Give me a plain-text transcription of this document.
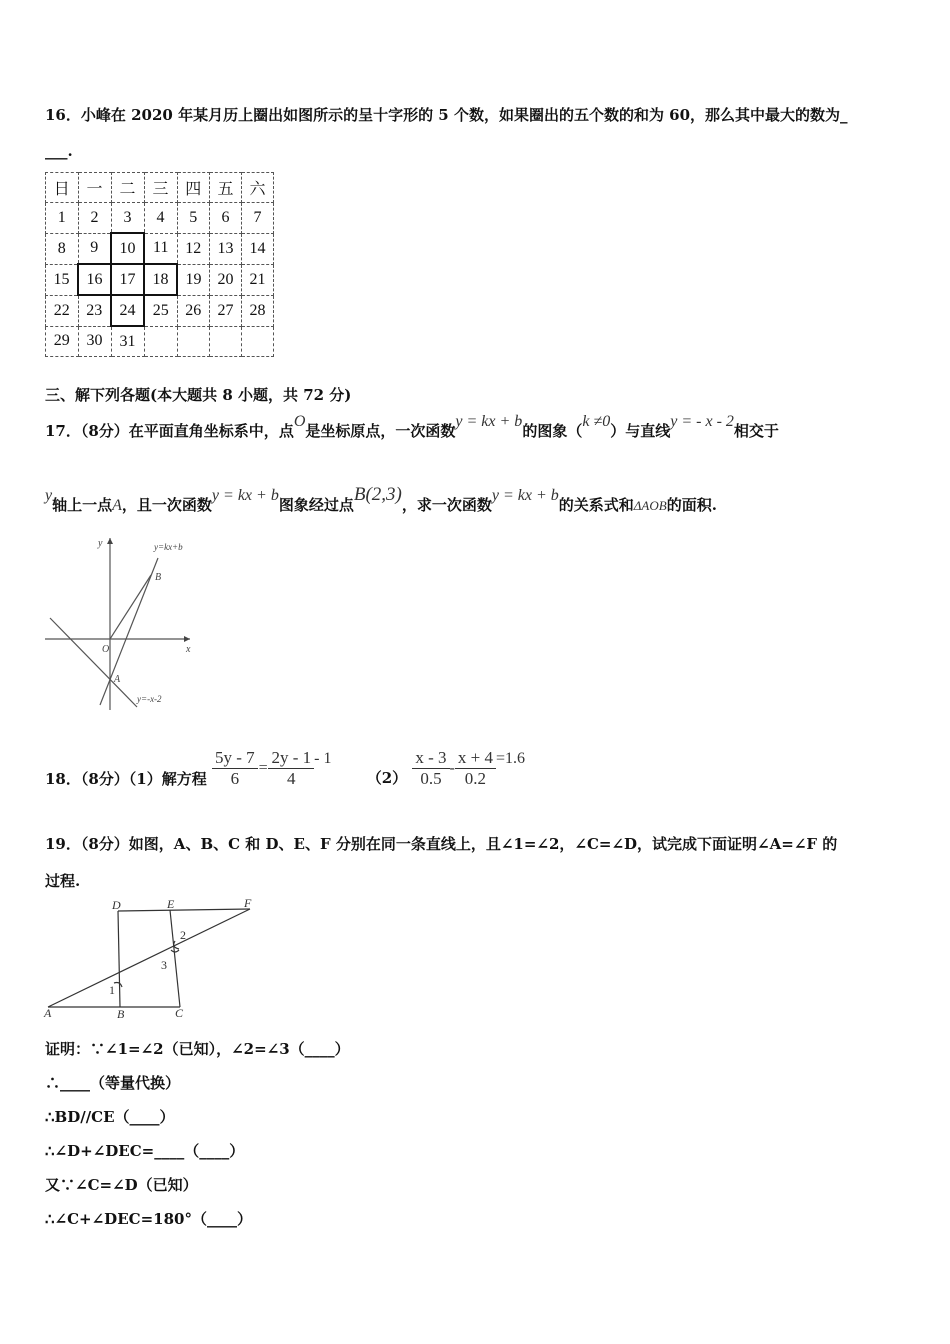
16．小峰在 2020 年某月历上圈出如图所示的呈十字形的 5 个数，如果圈出的五个数的和为 60，那么其中最大的数为_
___.
日	一	二	三	四	五	六
1	2	3	4	5	6	7
8	9	10	11	12	13	14
15	16	17	18	19	20	21
22	23	24	25	26	27	28
29	30	31				
三、解下列各题(本大题共 8 小题，共 72 分)
17．（8分）在平面直角坐标系中，点O是坐标原点，一次函数y = kx + b的图象（k ≠0）与直线y = - x - 2相交于
y轴上一点A，且一次函数y = kx + b图象经过点B(2,3)，求一次函数y = kx + b的关系式和ΔAOB的面积.
y
x
O
A
B
y=kx+b
y=-x-2
18．（8分）（1）解方程 $\frac{5y - 7}{6} = \frac{2y - 1}{4} - 1$ $(2) \frac{x - 3}{0.5} - \frac{x + 4}{0.2} =1.6$
19．（8分）如图，A、B、C 和 D、E、F 分别在同一条直线上，且∠1=∠2，∠C=∠D，试完成下面证明∠A=∠F 的
过程.
D	E	F
A	B	C
1
2
3
证明：∵∠1=∠2（已知），∠2=∠3（____）
∴____（等量代换）
∴BD//CE（____）
∴∠D+∠DEC=____（____）
又∵∠C=∠D（已知）
∴∠C+∠DEC=180°（____）
